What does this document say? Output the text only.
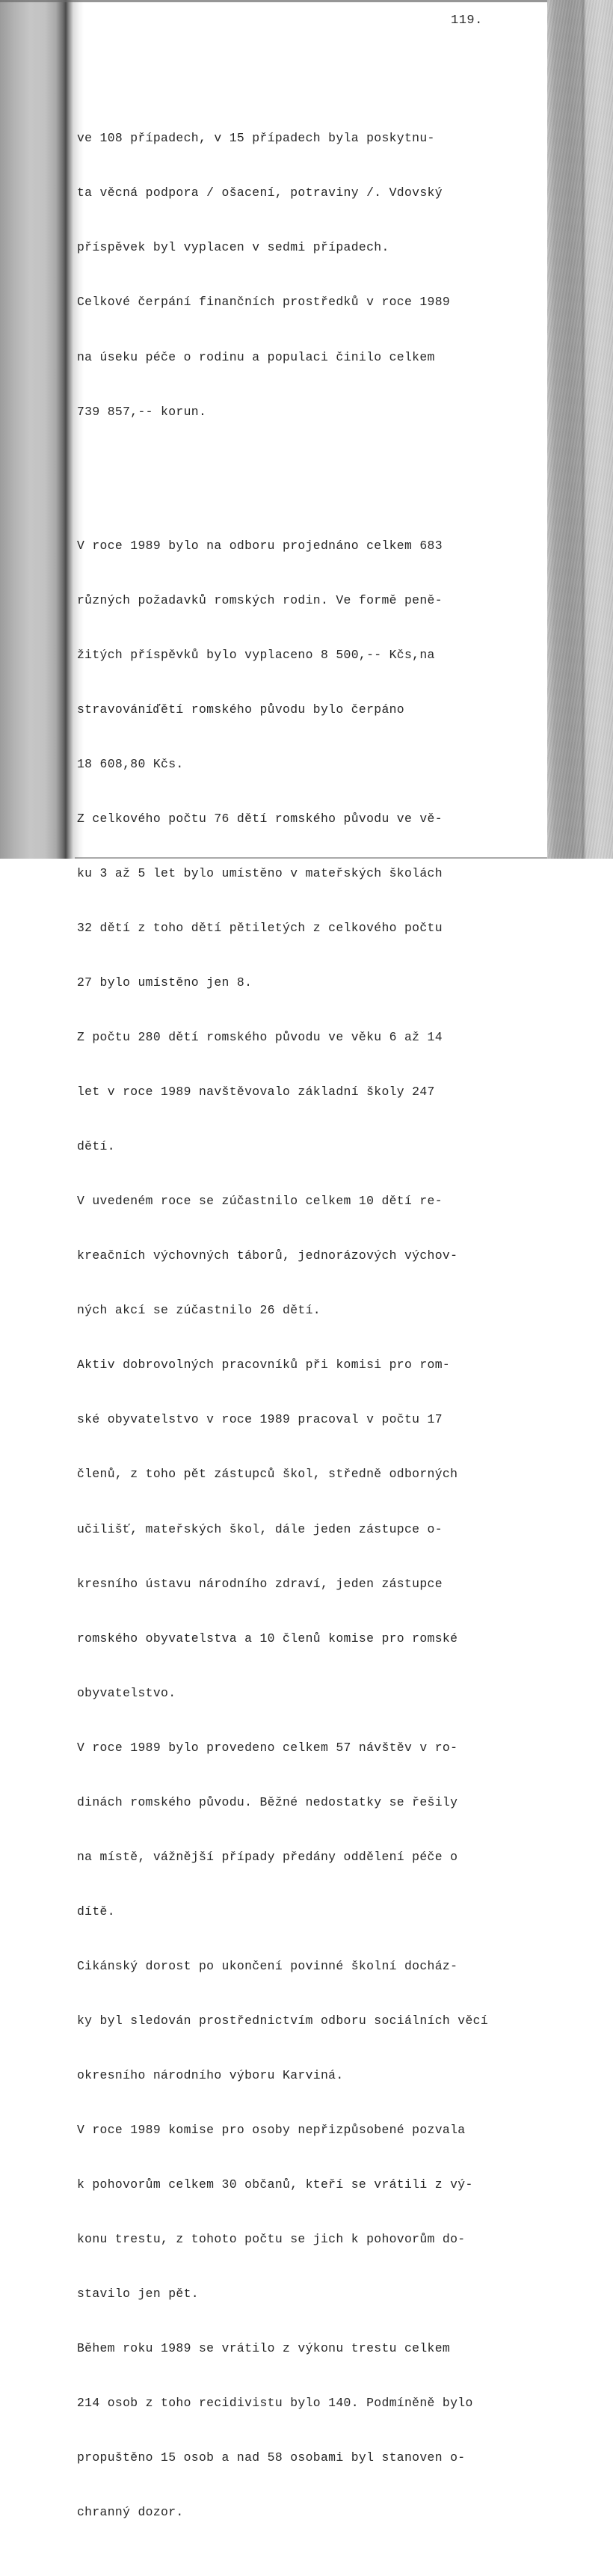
119.

ve 108 případech, v 15 případech byla poskytnu-

ta věcná podpora / ošacení, potraviny /. Vdovský

příspěvek byl vyplacen v sedmi případech.

Celkové čerpání finančních prostředků v roce 1989

na úseku péče o rodinu a populaci činilo celkem

739 857,-- korun.

V roce 1989 bylo na odboru projednáno celkem 683

různých požadavků romských rodin. Ve formě peně-

žitých příspěvků bylo vyplaceno 8 500,-- Kčs,na

stravováníďětí romského původu bylo čerpáno

18 608,80 Kčs.

Z celkového počtu 76 dětí romského původu ve vě-

ku 3 až 5 let bylo umístěno v mateřských školách

32 dětí z toho dětí pětiletých z celkového počtu

27 bylo umístěno jen 8.

Z počtu 280 dětí romského původu ve věku 6 až 14

let v roce 1989 navštěvovalo základní školy 247

dětí.

V uvedeném roce se zúčastnilo celkem 10 dětí re-

kreačních výchovných táborů, jednorázových výchov-

ných akcí se zúčastnilo 26 dětí.

Aktiv dobrovolných pracovníků při komisi pro rom-

ské obyvatelstvo v roce 1989 pracoval v počtu 17

členů, z toho pět zástupců škol, středně odborných

učilišť, mateřských škol, dále jeden zástupce o-

kresního ústavu národního zdraví, jeden zástupce

romského obyvatelstva a 10 členů komise pro romské

obyvatelstvo.

V roce 1989 bylo provedeno celkem 57 návštěv v ro-

dinách romského původu. Běžné nedostatky se řešily

na místě, vážnější případy předány oddělení péče o

dítě.

Cikánský dorost po ukončení povinné školní docház-

ky byl sledován prostřednictvím odboru sociálních věcí

okresního národního výboru Karviná.

V roce 1989 komise pro osoby nepřizpůsobené pozvala

k pohovorům celkem 30 občanů, kteří se vrátili z vý-

konu trestu, z tohoto počtu se jich k pohovorům do-

stavilo jen pět.

Během roku 1989 se vrátilo z výkonu trestu celkem

214 osob z toho recidivistu bylo 140. Podmíněně bylo

propuštěno 15 osob a nad 58 osobami byl stanoven o-

chranný dozor.
